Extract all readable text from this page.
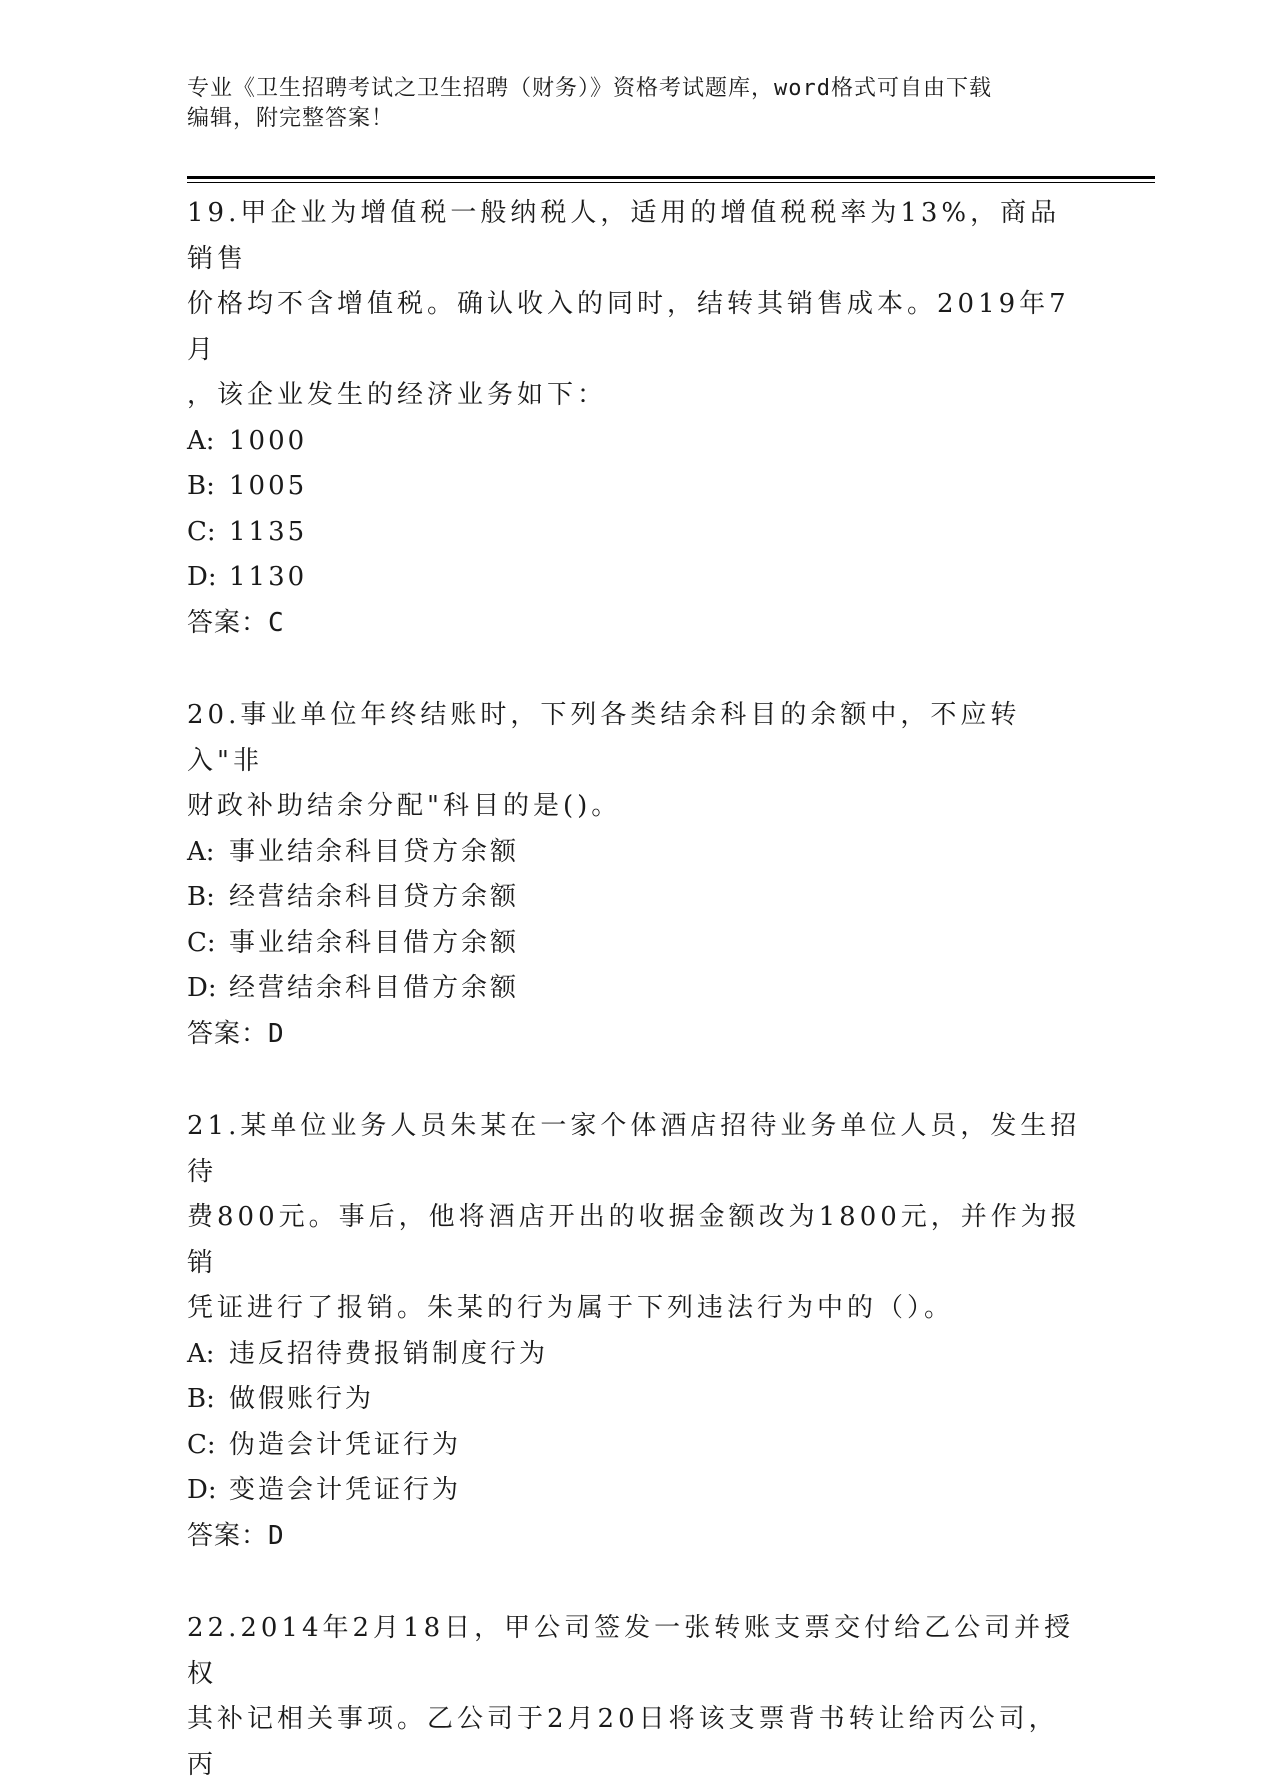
专业《卫生招聘考试之卫生招聘（财务）》资格考试题库，word格式可自由下载
编辑，附完整答案！
19.甲企业为增值税一般纳税人，适用的增值税税率为13%，商品销售
价格均不含增值税。确认收入的同时，结转其销售成本。2019年7月
，该企业发生的经济业务如下：
A: 1000
B: 1005
C: 1135
D: 1130
答案：C
20.事业单位年终结账时，下列各类结余科目的余额中，不应转入"非
财政补助结余分配"科目的是()。
A: 事业结余科目贷方余额
B: 经营结余科目贷方余额
C: 事业结余科目借方余额
D: 经营结余科目借方余额
答案：D
21.某单位业务人员朱某在一家个体酒店招待业务单位人员，发生招待
费800元。事后，他将酒店开出的收据金额改为1800元，并作为报销
凭证进行了报销。朱某的行为属于下列违法行为中的（）。
A: 违反招待费报销制度行为
B: 做假账行为
C: 伪造会计凭证行为
D: 变造会计凭证行为
答案：D
22.2014年2月18日，甲公司签发一张转账支票交付给乙公司并授权
其补记相关事项。乙公司于2月20日将该支票背书转让给丙公司，丙
